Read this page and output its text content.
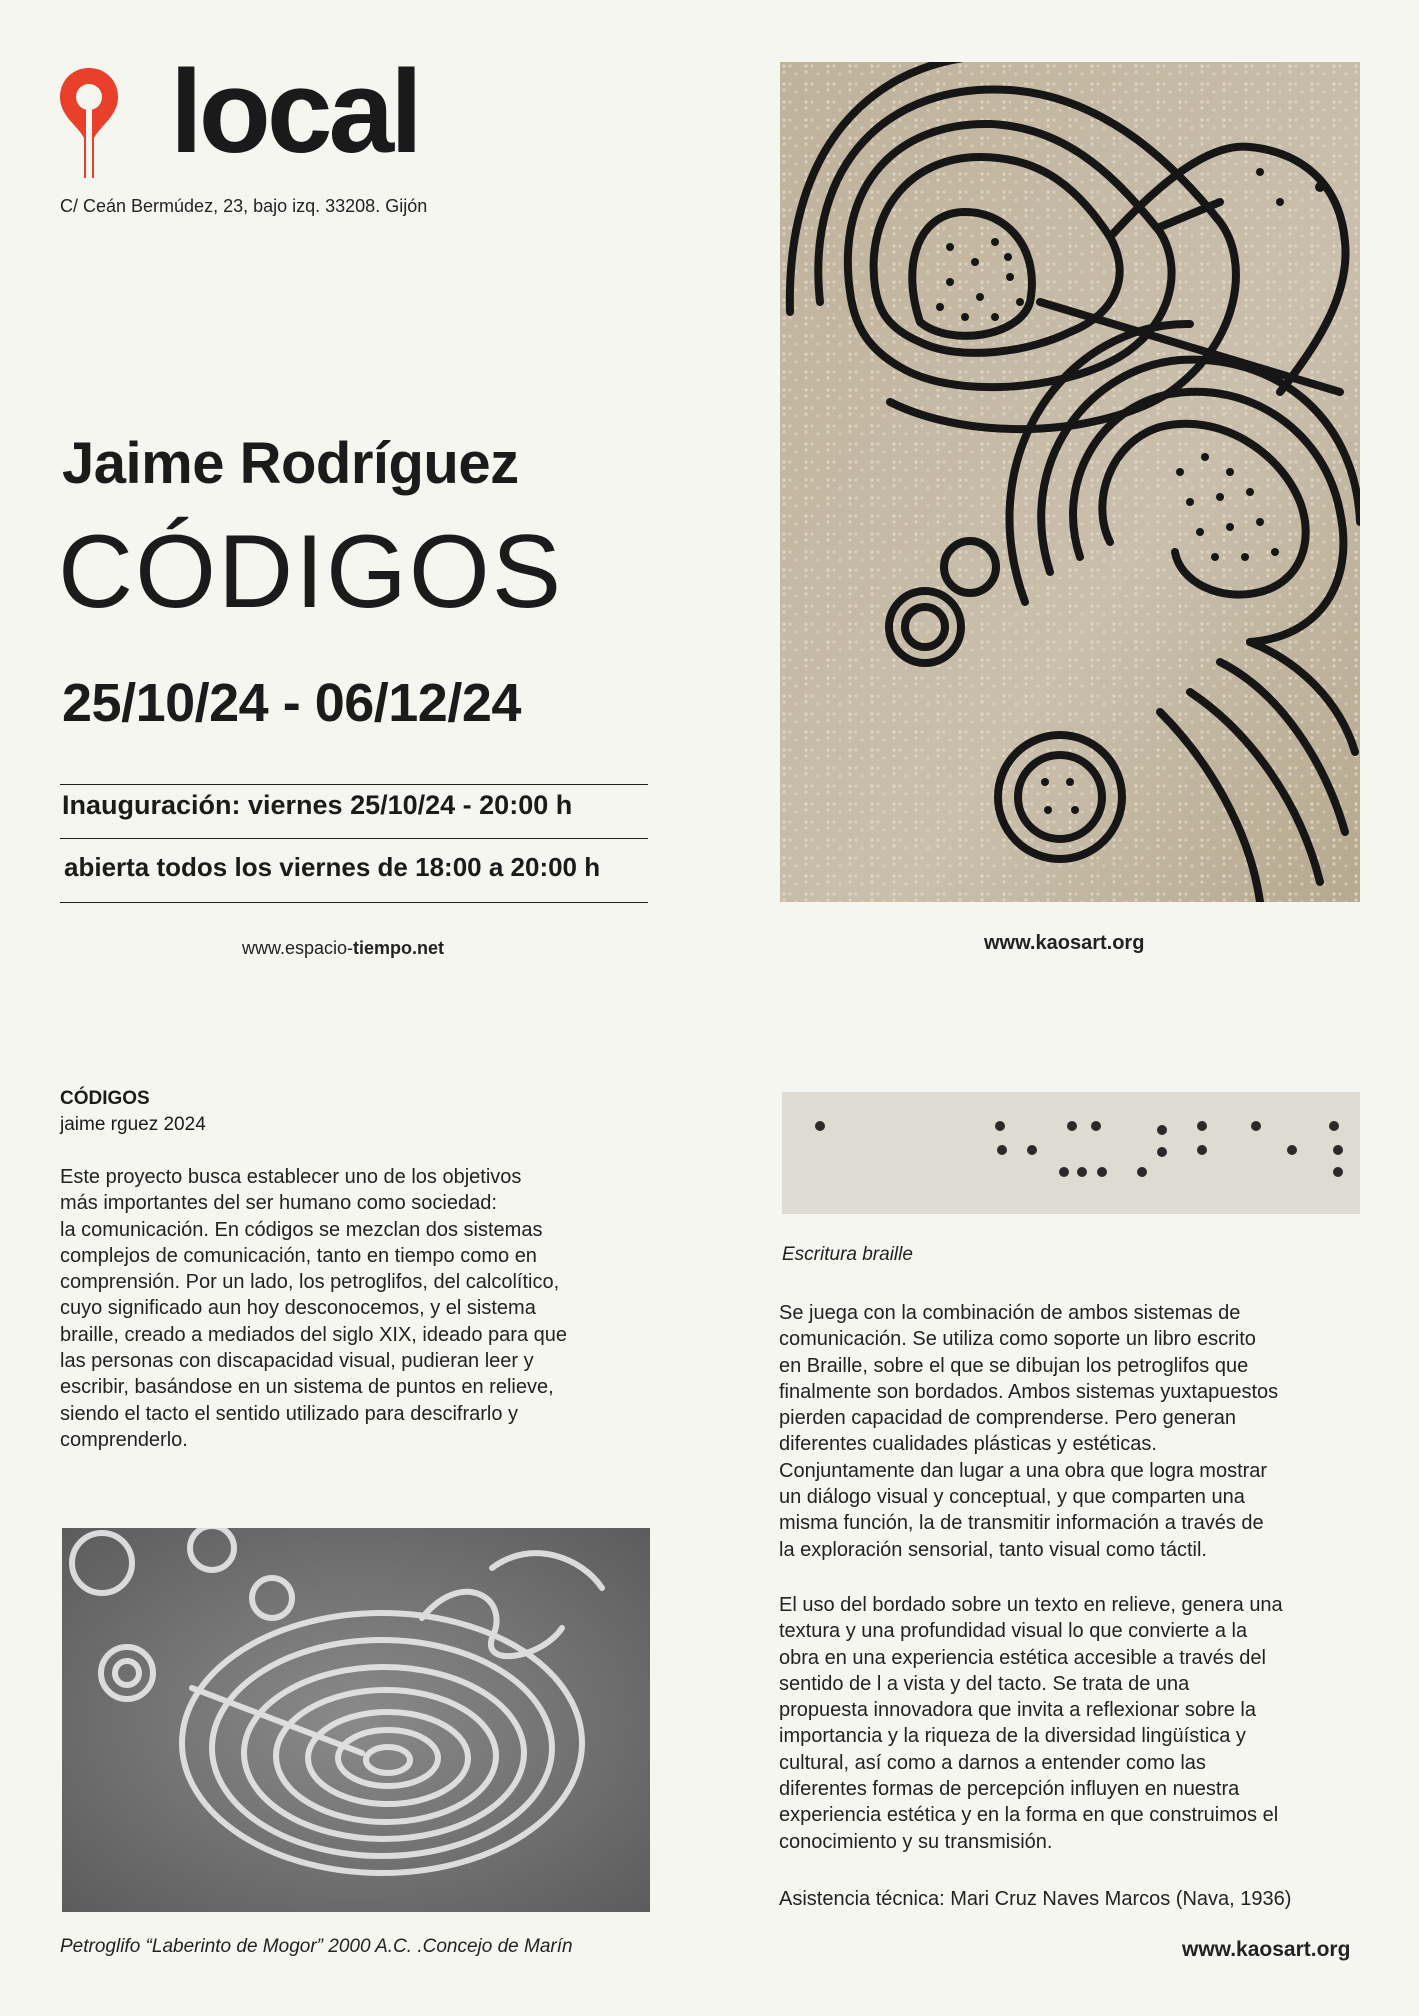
local
C/ Ceán Bermúdez, 23, bajo izq. 33208. Gijón
Jaime Rodríguez
CÓDIGOS
25/10/24 - 06/12/24
Inauguración: viernes 25/10/24 - 20:00 h
abierta todos los viernes de 18:00 a 20:00 h
www.espacio-tiempo.net	www.kaosart.org
CÓDIGOS
jaime rguez 2024
Este proyecto busca establecer uno de los objetivos
más importantes del ser humano como sociedad:
la comunicación. En códigos se mezclan dos sistemas
complejos de comunicación, tanto en tiempo como en
comprensión. Por un lado, los petroglifos, del calcolítico,
cuyo significado aun hoy desconocemos, y el sistema
braille, creado a mediados del siglo XIX, ideado para que
las personas con discapacidad visual, pudieran leer y
escribir, basándose en un sistema de puntos en relieve,
siendo el tacto el sentido utilizado para descifrarlo y
comprenderlo.
Petroglifo “Laberinto de Mogor” 2000 A.C. .Concejo de Marín
Escritura braille
Se juega con la combinación de ambos sistemas de
comunicación. Se utiliza como soporte un libro escrito
en Braille, sobre el que se dibujan los petroglifos que
finalmente son bordados. Ambos sistemas yuxtapuestos
pierden capacidad de comprenderse. Pero generan
diferentes cualidades plásticas y estéticas.
Conjuntamente dan lugar a una obra que logra mostrar
un diálogo visual y conceptual, y que comparten una
misma función, la de transmitir información a través de
la exploración sensorial, tanto visual como táctil.
El uso del bordado sobre un texto en relieve, genera una
textura y una profundidad visual lo que convierte a la
obra en una experiencia estética accesible a través del
sentido de l a vista y del tacto. Se trata de una
propuesta innovadora que invita a reflexionar sobre la
importancia y la riqueza de la diversidad lingüística y
cultural, así como a darnos a entender como las
diferentes formas de percepción influyen en nuestra
experiencia estética y en la forma en que construimos el
conocimiento y su transmisión.
Asistencia técnica: Mari Cruz Naves Marcos (Nava, 1936)
www.kaosart.org
